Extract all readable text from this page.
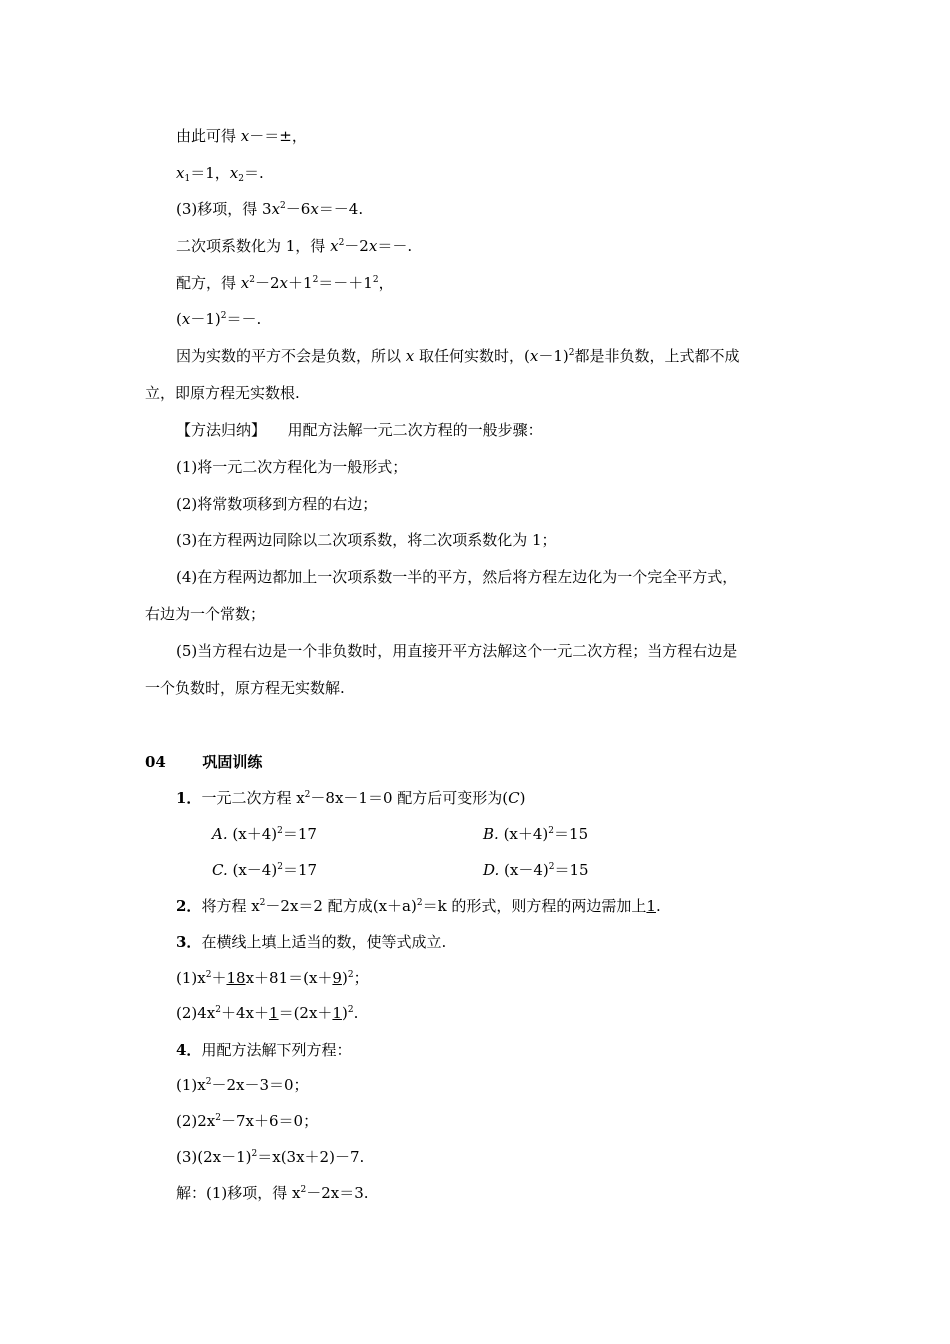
由此可得 x－＝±，
$x_1=1$，$x_2=$.
(3)移项，得 $3x^2-6x=-4$.
二次项系数化为 1，得 $x^2-2x=-$.
配方，得 $x^2-2x+1^2=-+1^2$，
$(x-1)^2=-$.
因为实数的平方不会是负数，所以 x 取任何实数时，$(x-1)^2$都是非负数，上式都不成
立，即原方程无实数根.
【方法归纳】 用配方法解一元二次方程的一般步骤：
(1)将一元二次方程化为一般形式；
(2)将常数项移到方程的右边；
(3)在方程两边同除以二次项系数，将二次项系数化为 1；
(4)在方程两边都加上一次项系数一半的平方，然后将方程左边化为一个完全平方式，
右边为一个常数；
(5)当方程右边是一个非负数时，用直接开平方法解这个一元二次方程；当方程右边是
一个负数时，原方程无实数解.
04 巩固训练
1．一元二次方程 $x^2-8x-1=0$ 配方后可变形为(C)
A. $(x+4)^2=17$	B. $(x+4)^2=15$
C. $(x-4)^2=17$	D. $(x-4)^2=15$
2．将方程 $x^2-2x=2$ 配方成$(x+a)^2=k$ 的形式，则方程的两边需加上1.
3．在横线上填上适当的数，使等式成立.
$(1)x^2+18x+81=(x+9)^2$；
$(2)4x^2+4x+1=(2x+1)^2$.
4．用配方法解下列方程：
$(1)x^2-2x-3=0$；
$(2)2x^2-7x+6=0$；
$(3)(2x-1)^2=x(3x+2)-7$.
解：(1)移项，得 $x^2-2x=3$.
